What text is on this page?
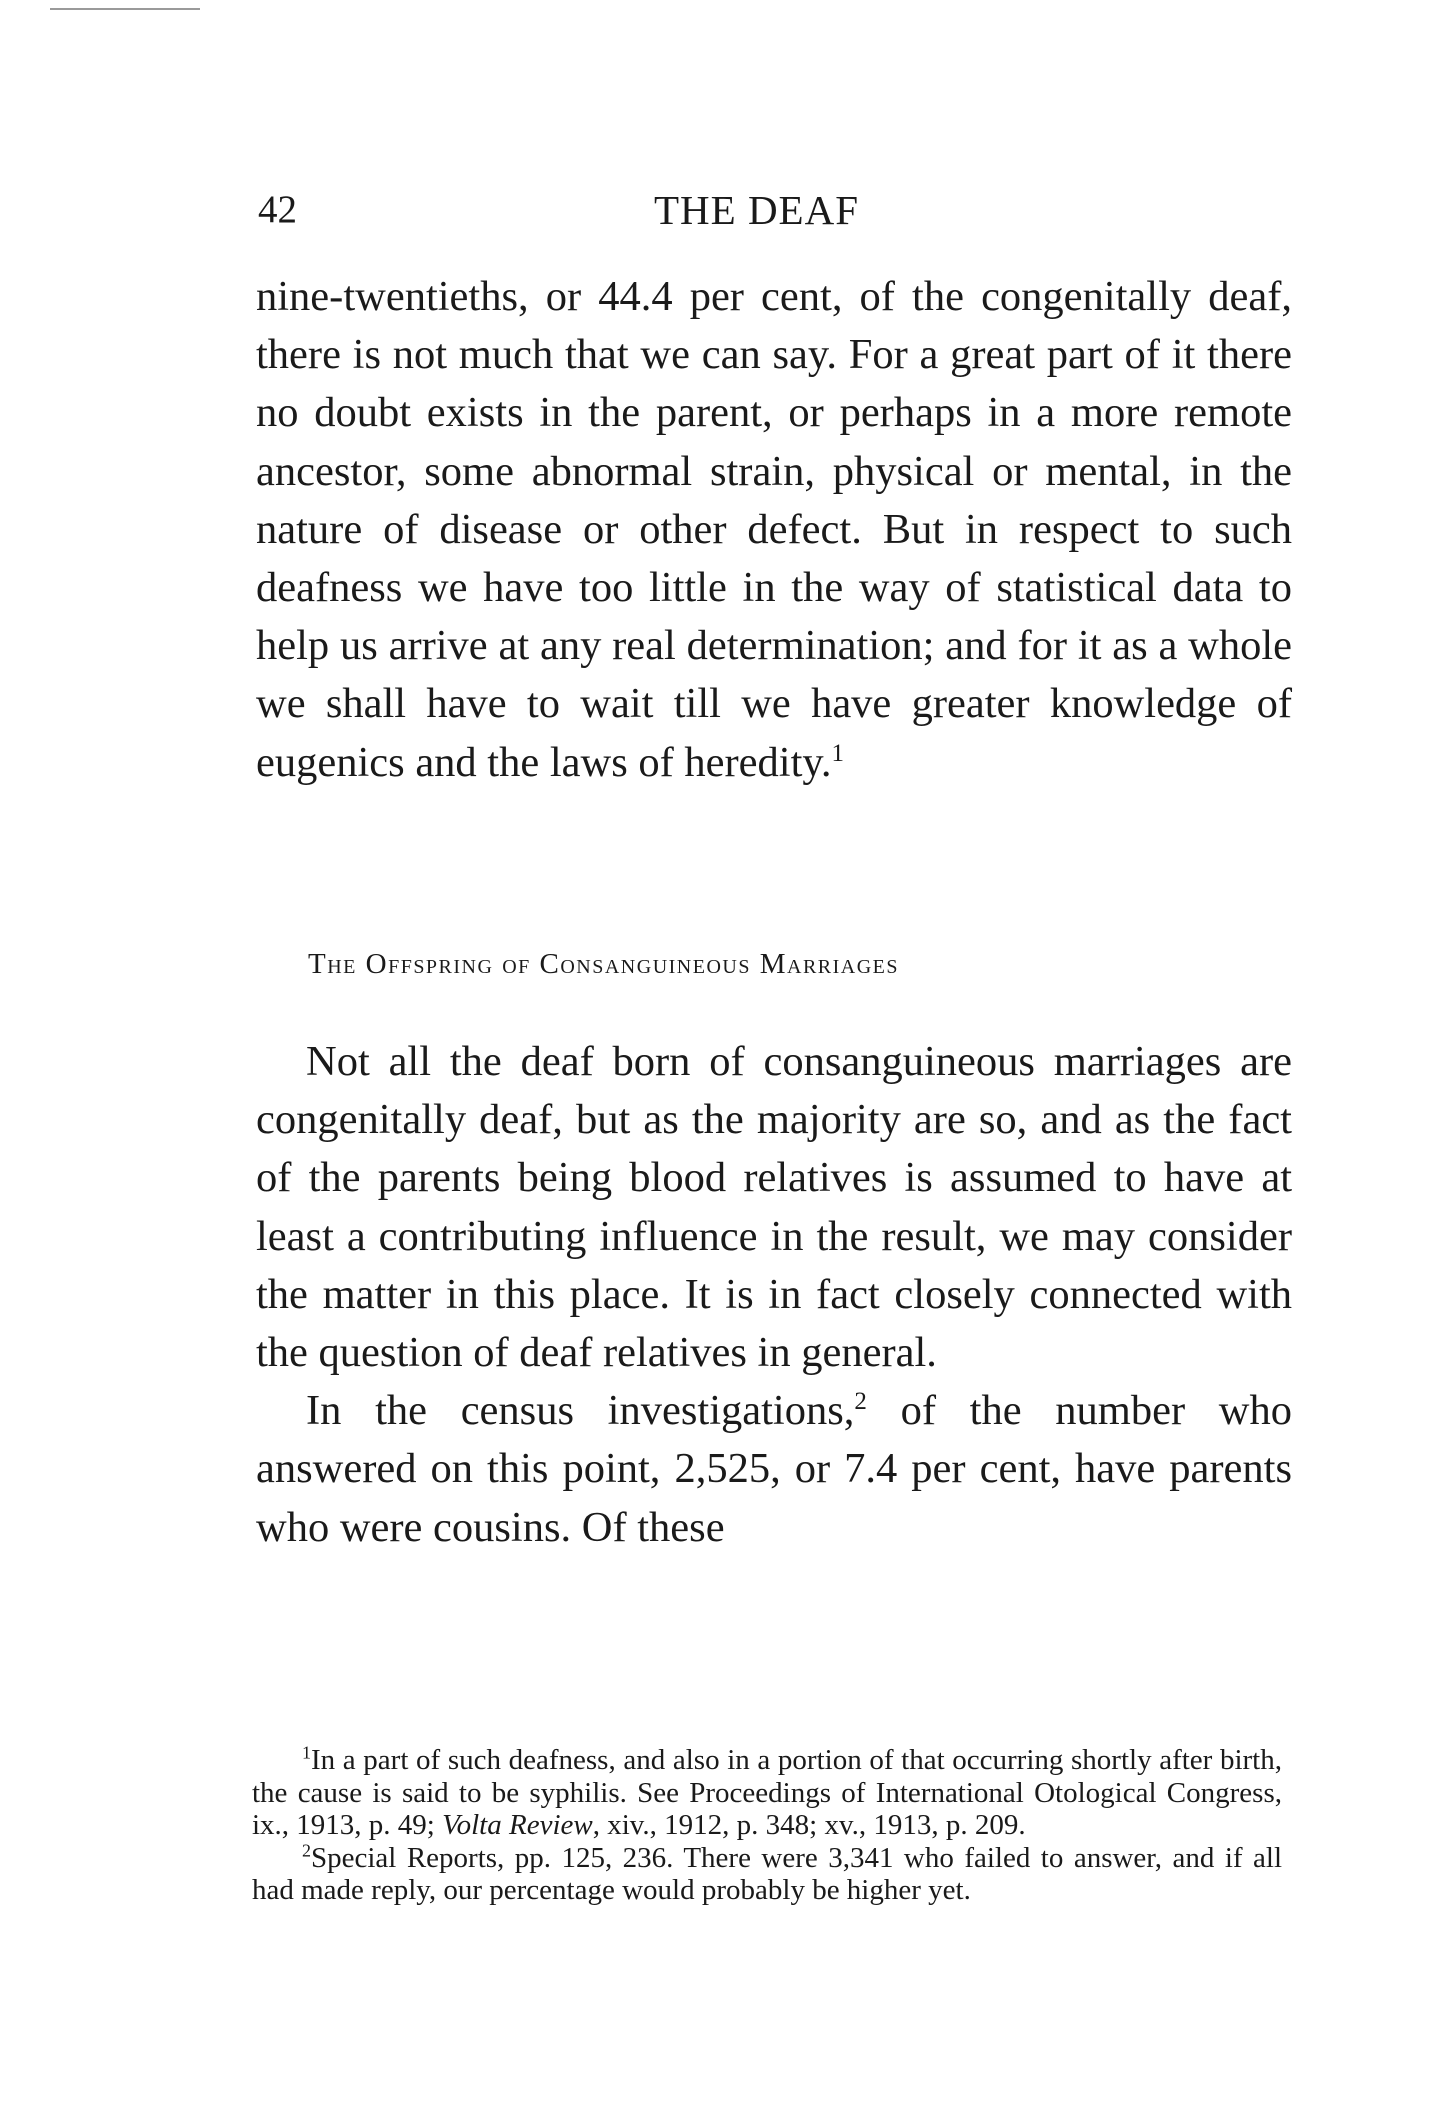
42	THE DEAF

nine-twentieths, or 44.4 per cent, of the congenitally deaf, there is not much that we can say. For a great part of it there no doubt exists in the parent, or perhaps in a more remote ancestor, some abnormal strain, physical or mental, in the nature of disease or other defect. But in respect to such deafness we have too little in the way of statistical data to help us arrive at any real determination; and for it as a whole we shall have to wait till we have greater knowledge of eugenics and the laws of heredity.$^1$

The Offspring of Consanguineous Marriages

Not all the deaf born of consanguineous marriages are congenitally deaf, but as the majority are so, and as the fact of the parents being blood relatives is assumed to have at least a contributing influence in the result, we may consider the matter in this place. It is in fact closely connected with the question of deaf relatives in general.

In the census investigations,$^2$ of the number who answered on this point, 2,525, or 7.4 per cent, have parents who were cousins. Of these

$^1$In a part of such deafness, and also in a portion of that occurring shortly after birth, the cause is said to be syphilis. See Proceedings of International Otological Congress, ix., 1913, p. 49; Volta Review, xiv., 1912, p. 348; xv., 1913, p. 209.

$^2$Special Reports, pp. 125, 236. There were 3,341 who failed to answer, and if all had made reply, our percentage would probably be higher yet.
